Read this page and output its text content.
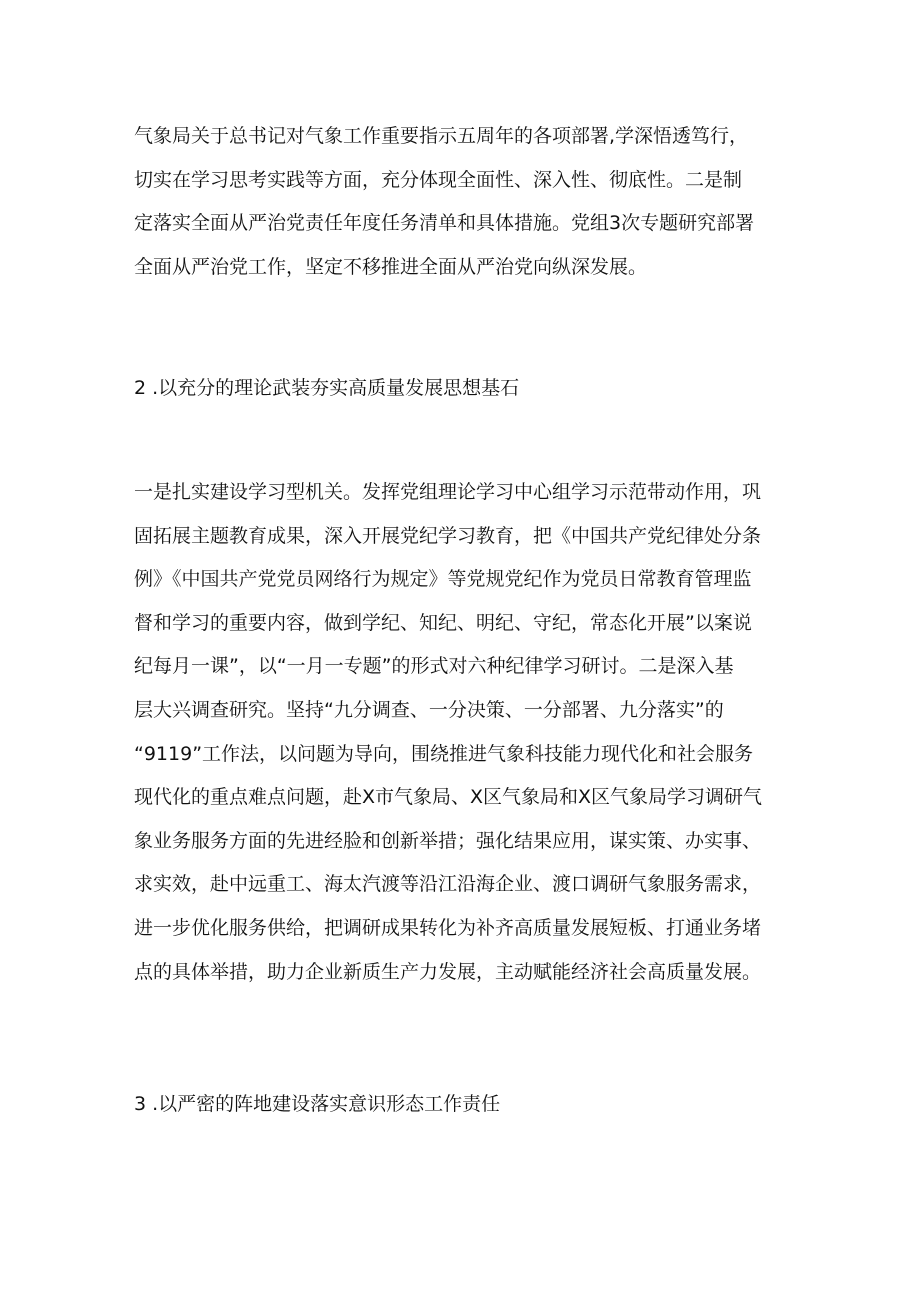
气象局关于总书记对气象工作重要指示五周年的各项部署,学深悟透笃行，
切实在学习思考实践等方面，充分体现全面性、深入性、彻底性。二是制
定落实全面从严治党责任年度任务清单和具体措施。党组3次专题研究部署
全面从严治党工作，坚定不移推进全面从严治党向纵深发展。
2 .以充分的理论武装夯实高质量发展思想基石
一是扎实建设学习型机关。发挥党组理论学习中心组学习示范带动作用，巩
固拓展主题教育成果，深入开展党纪学习教育，把《中国共产党纪律处分条
例》《中国共产党党员网络行为规定》等党规党纪作为党员日常教育管理监
督和学习的重要内容，做到学纪、知纪、明纪、守纪，常态化开展”以案说
纪每月一课”，以“一月一专题”的形式对六种纪律学习研讨。二是深入基
层大兴调查研究。坚持“九分调查、一分决策、一分部署、九分落实”的
“9119”工作法，以问题为导向，围绕推进气象科技能力现代化和社会服务
现代化的重点难点问题，赴X市气象局、X区气象局和X区气象局学习调研气
象业务服务方面的先进经脸和创新举措；强化结果应用，谋实策、办实事、
求实效，赴中远重工、海太汽渡等沿江沿海企业、渡口调研气象服务需求，
进一步优化服务供给，把调研成果转化为补齐高质量发展短板、打通业务堵
点的具体举措，助力企业新质生产力发展，主动赋能经济社会高质量发展。
3 .以严密的阵地建设落实意识形态工作责任
